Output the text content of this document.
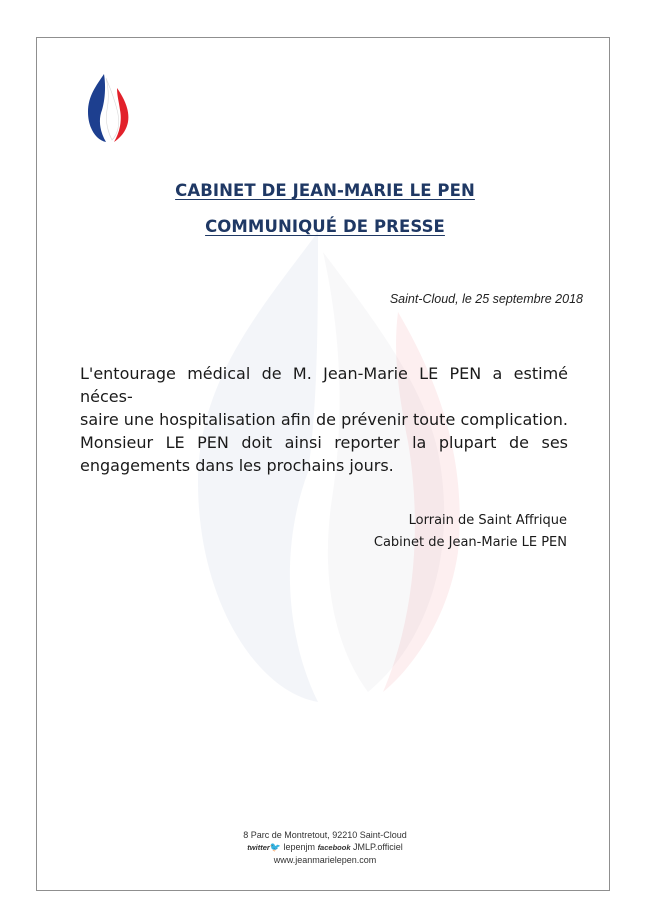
CABINET DE JEAN-MARIE LE PEN
COMMUNIQUÉ DE PRESSE
Saint-Cloud, le 25 septembre 2018
L'entourage médical de M. Jean-Marie LE PEN a estimé néces-
saire une hospitalisation afin de prévenir toute complication.
Monsieur LE PEN doit ainsi reporter la plupart de ses
engagements dans les prochains jours.
Lorrain de Saint Affrique
Cabinet de Jean-Marie LE PEN
8 Parc de Montretout, 92210 Saint-Cloud
twitter🐦 lepenjm facebook JMLP.officiel
www.jeanmarielepen.com
